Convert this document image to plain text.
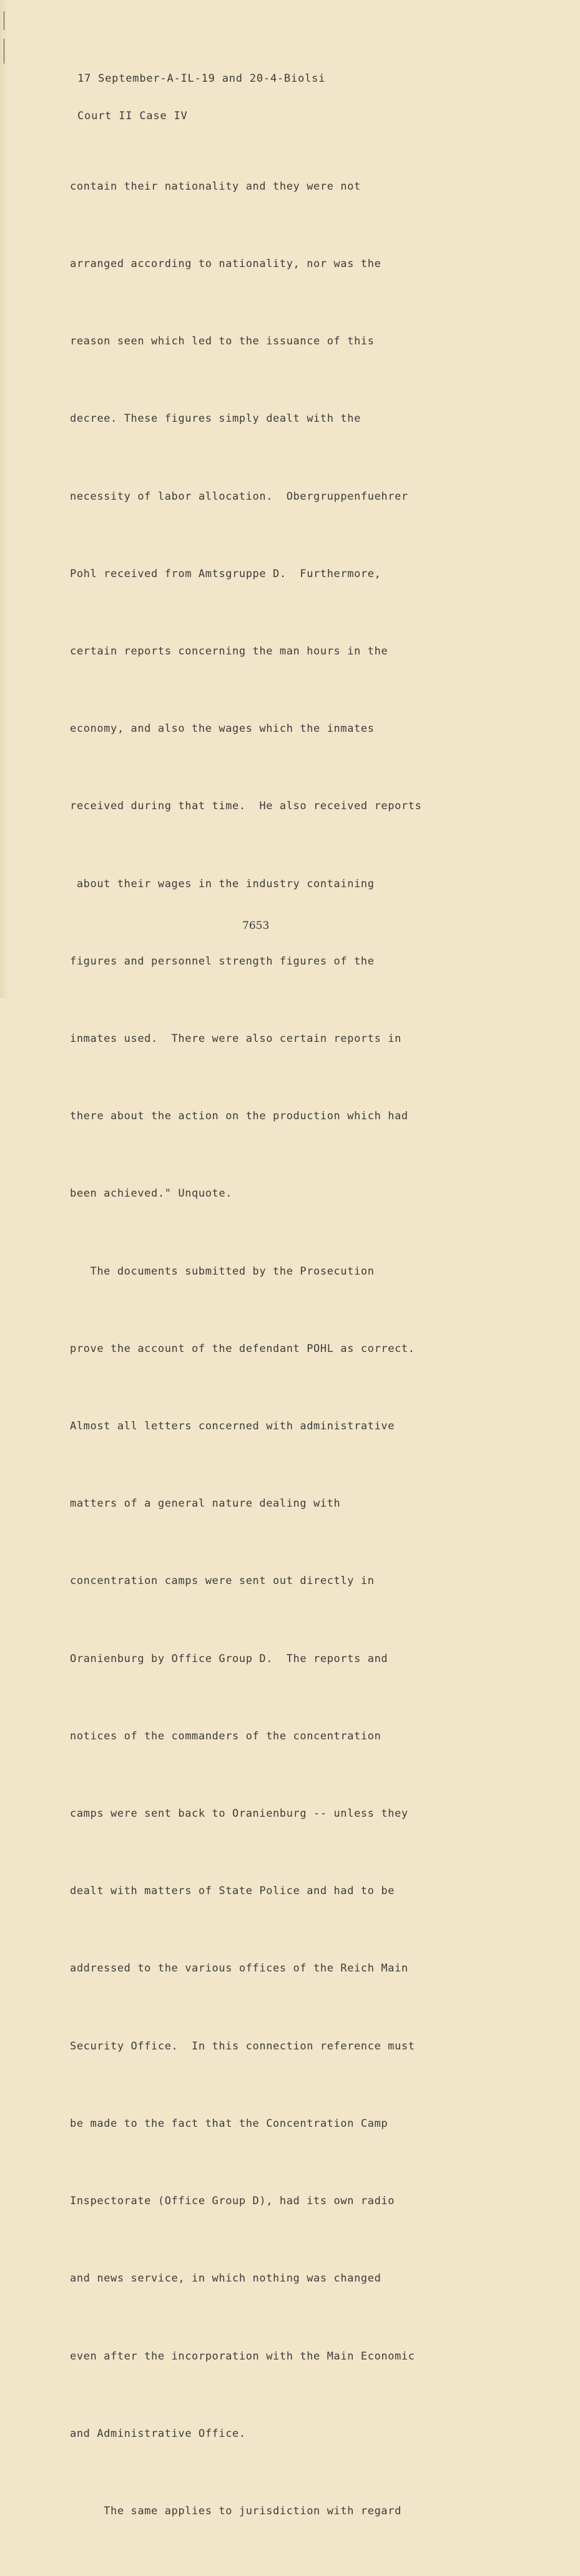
17 September-A-IL-19 and 20-4-Biolsi

Court II Case IV

contain their nationality and they were not

arranged according to nationality, nor was the

reason seen which led to the issuance of this

decree. These figures simply dealt with the

necessity of labor allocation.  Obergruppenfuehrer

Pohl received from Amtsgruppe D.  Furthermore,

certain reports concerning the man hours in the

economy, and also the wages which the inmates

received during that time.  He also received reports

about their wages in the industry containing

figures and personnel strength figures of the

inmates used.  There were also certain reports in

there about the action on the production which had

been achieved." Unquote.

The documents submitted by the Prosecution

prove the account of the defendant POHL as correct.

Almost all letters concerned with administrative

matters of a general nature dealing with

concentration camps were sent out directly in

Oranienburg by Office Group D.  The reports and

notices of the commanders of the concentration

camps were sent back to Oranienburg -- unless they

dealt with matters of State Police and had to be

addressed to the various offices of the Reich Main

Security Office.  In this connection reference must

be made to the fact that the Concentration Camp

Inspectorate (Office Group D), had its own radio

and news service, in which nothing was changed

even after the incorporation with the Main Economic

and Administrative Office.

The same applies to jurisdiction with regard

7653
